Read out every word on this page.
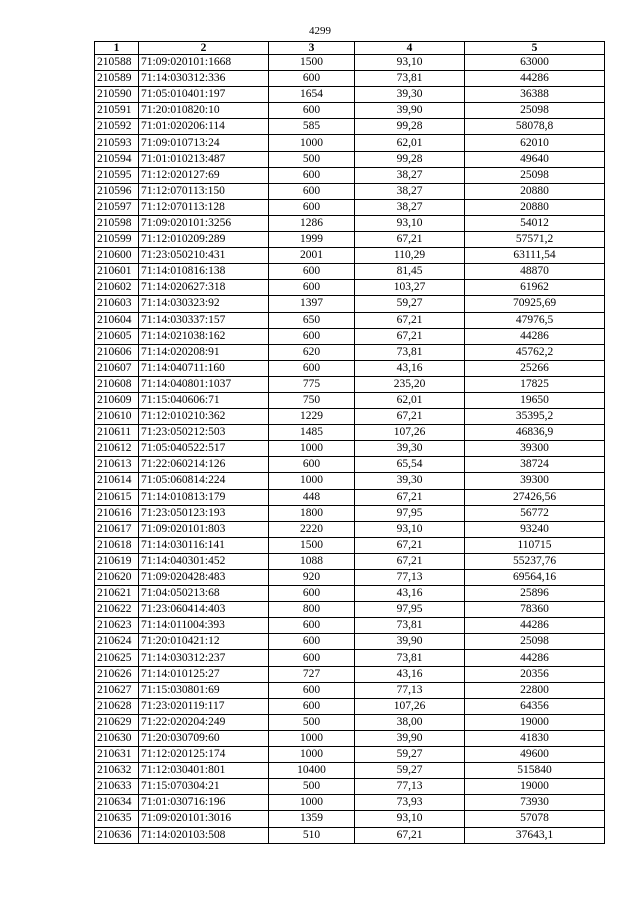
4299
1	2	3	4	5
210588	71:09:020101:1668	1500	93,10	63000
210589	71:14:030312:336	600	73,81	44286
210590	71:05:010401:197	1654	39,30	36388
210591	71:20:010820:10	600	39,90	25098
210592	71:01:020206:114	585	99,28	58078,8
210593	71:09:010713:24	1000	62,01	62010
210594	71:01:010213:487	500	99,28	49640
210595	71:12:020127:69	600	38,27	25098
210596	71:12:070113:150	600	38,27	20880
210597	71:12:070113:128	600	38,27	20880
210598	71:09:020101:3256	1286	93,10	54012
210599	71:12:010209:289	1999	67,21	57571,2
210600	71:23:050210:431	2001	110,29	63111,54
210601	71:14:010816:138	600	81,45	48870
210602	71:14:020627:318	600	103,27	61962
210603	71:14:030323:92	1397	59,27	70925,69
210604	71:14:030337:157	650	67,21	47976,5
210605	71:14:021038:162	600	67,21	44286
210606	71:14:020208:91	620	73,81	45762,2
210607	71:14:040711:160	600	43,16	25266
210608	71:14:040801:1037	775	235,20	17825
210609	71:15:040606:71	750	62,01	19650
210610	71:12:010210:362	1229	67,21	35395,2
210611	71:23:050212:503	1485	107,26	46836,9
210612	71:05:040522:517	1000	39,30	39300
210613	71:22:060214:126	600	65,54	38724
210614	71:05:060814:224	1000	39,30	39300
210615	71:14:010813:179	448	67,21	27426,56
210616	71:23:050123:193	1800	97,95	56772
210617	71:09:020101:803	2220	93,10	93240
210618	71:14:030116:141	1500	67,21	110715
210619	71:14:040301:452	1088	67,21	55237,76
210620	71:09:020428:483	920	77,13	69564,16
210621	71:04:050213:68	600	43,16	25896
210622	71:23:060414:403	800	97,95	78360
210623	71:14:011004:393	600	73,81	44286
210624	71:20:010421:12	600	39,90	25098
210625	71:14:030312:237	600	73,81	44286
210626	71:14:010125:27	727	43,16	20356
210627	71:15:030801:69	600	77,13	22800
210628	71:23:020119:117	600	107,26	64356
210629	71:22:020204:249	500	38,00	19000
210630	71:20:030709:60	1000	39,90	41830
210631	71:12:020125:174	1000	59,27	49600
210632	71:12:030401:801	10400	59,27	515840
210633	71:15:070304:21	500	77,13	19000
210634	71:01:030716:196	1000	73,93	73930
210635	71:09:020101:3016	1359	93,10	57078
210636	71:14:020103:508	510	67,21	37643,1
